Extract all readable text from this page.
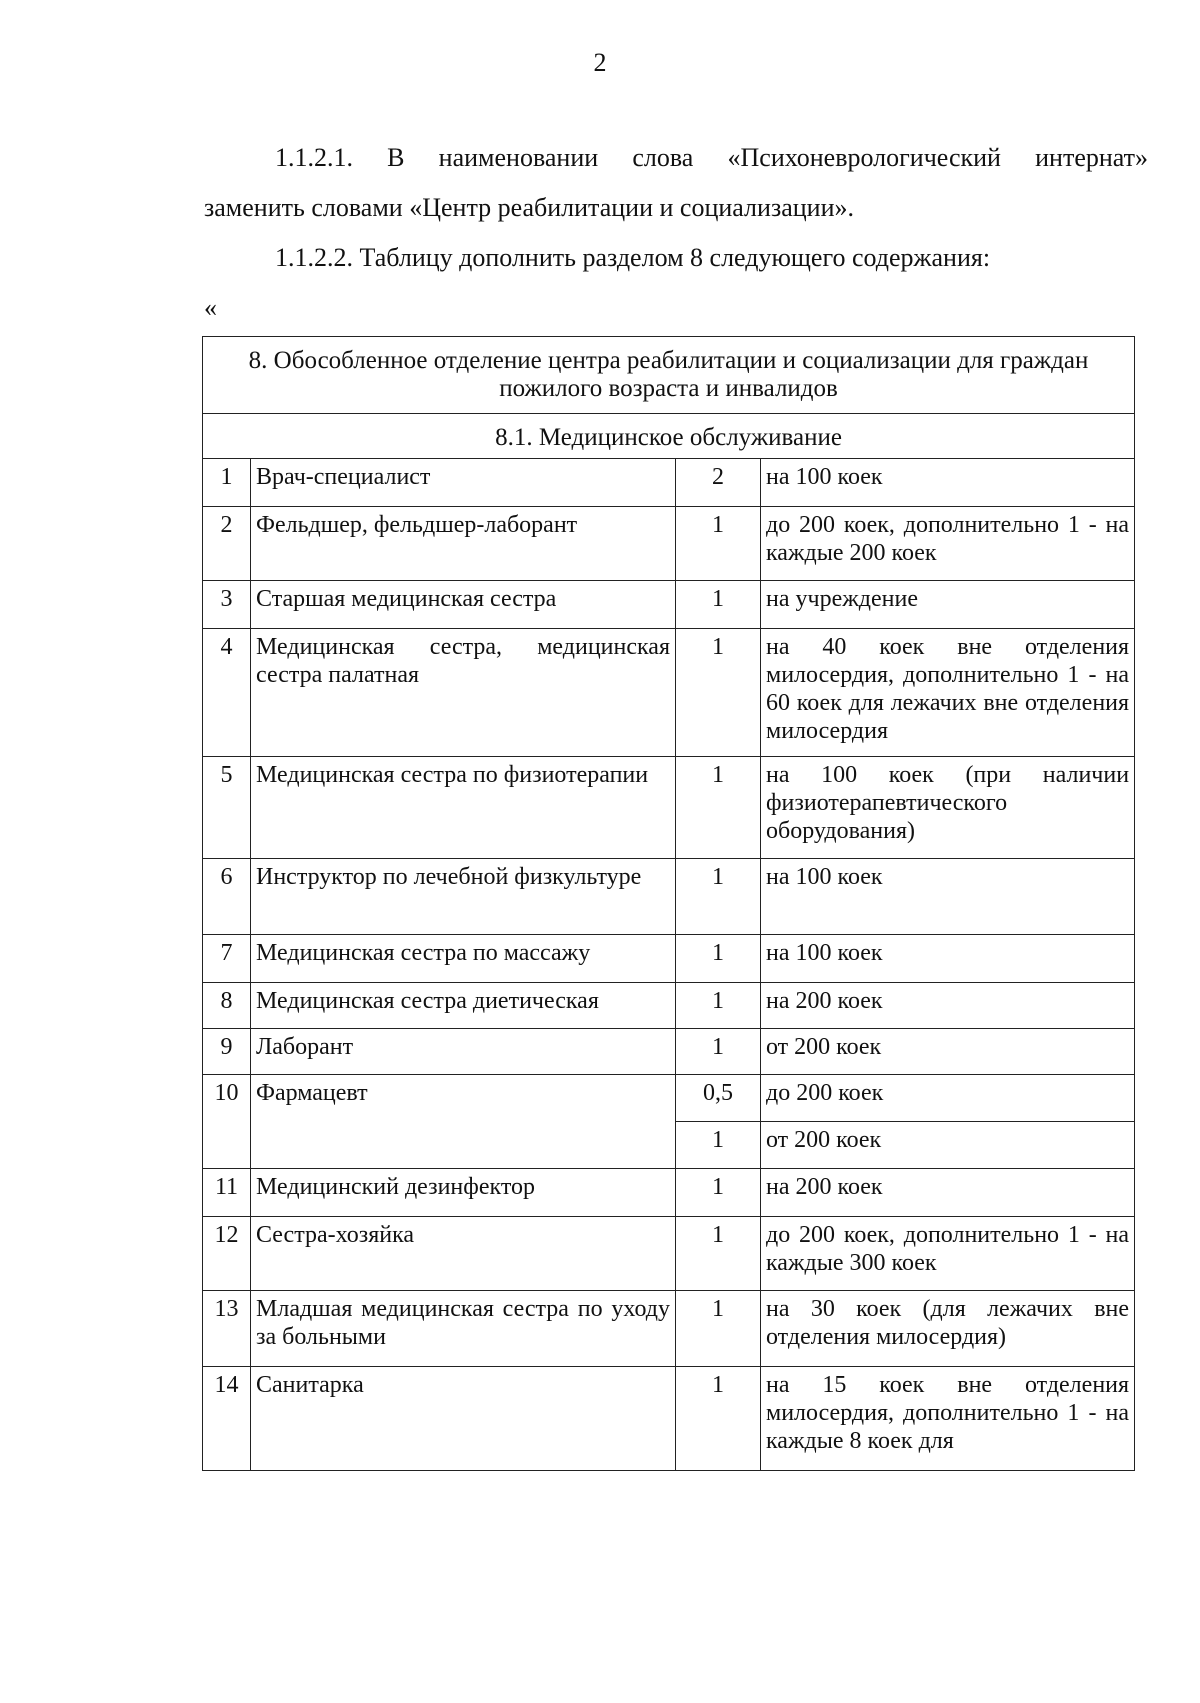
2
1.1.2.1. В наименовании слова «Психоневрологический интернат»
заменить словами «Центр реабилитации и социализации».
1.1.2.2. Таблицу дополнить разделом 8 следующего содержания:
«
8. Обособленное отделение центра реабилитации и социализации для граждан пожилого возраста и инвалидов			
8.1. Медицинское обслуживание			
1	Врач-специалист	2	на 100 коек
2	Фельдшер, фельдшер-лаборант	1	до 200 коек, дополнительно 1 - на каждые 200 коек
3	Старшая медицинская сестра	1	на учреждение
4	Медицинская сестра, медицинская сестра палатная	1	на 40 коек вне отделения милосердия, дополнительно 1 - на 60 коек для лежачих вне отделения милосердия
5	Медицинская сестра по физиотерапии	1	на 100 коек (при наличии физиотерапевтического оборудования)
6	Инструктор по лечебной физкультуре	1	на 100 коек
7	Медицинская сестра по массажу	1	на 100 коек
8	Медицинская сестра диетическая	1	на 200 коек
9	Лаборант	1	от 200 коек
10	Фармацевт	0,5	до 200 коек
		1	от 200 коек
11	Медицинский дезинфектор	1	на 200 коек
12	Сестра-хозяйка	1	до 200 коек, дополнительно 1 - на каждые 300 коек
13	Младшая медицинская сестра по уходу за больными	1	на 30 коек (для лежачих вне отделения милосердия)
14	Санитарка	1	на 15 коек вне отделения милосердия, дополнительно 1 - на каждые 8 коек для
